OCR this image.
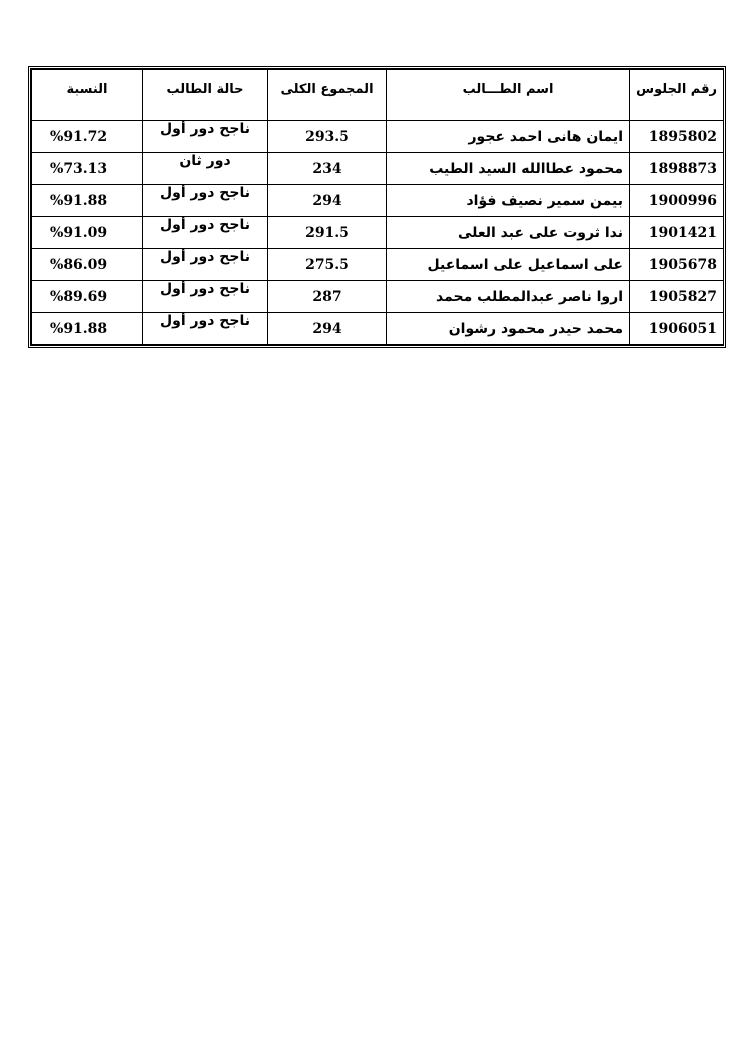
رقم الجلوس	اسم الطـــالب	المجموع الكلى	حالة الطالب	النسبة
1895802	ايمان هانى احمد عجور	293.5	ناجح دور أول	%91.72
1898873	محمود عطاالله السيد الطيب	234	دور ثان	%73.13
1900996	بيمن سمير نصيف فؤاد	294	ناجح دور أول	%91.88
1901421	ندا ثروت على عبد العلى	291.5	ناجح دور أول	%91.09
1905678	على اسماعيل على اسماعيل	275.5	ناجح دور أول	%86.09
1905827	اروا ناصر عبدالمطلب محمد	287	ناجح دور أول	%89.69
1906051	محمد حيدر محمود رشوان	294	ناجح دور أول	%91.88
